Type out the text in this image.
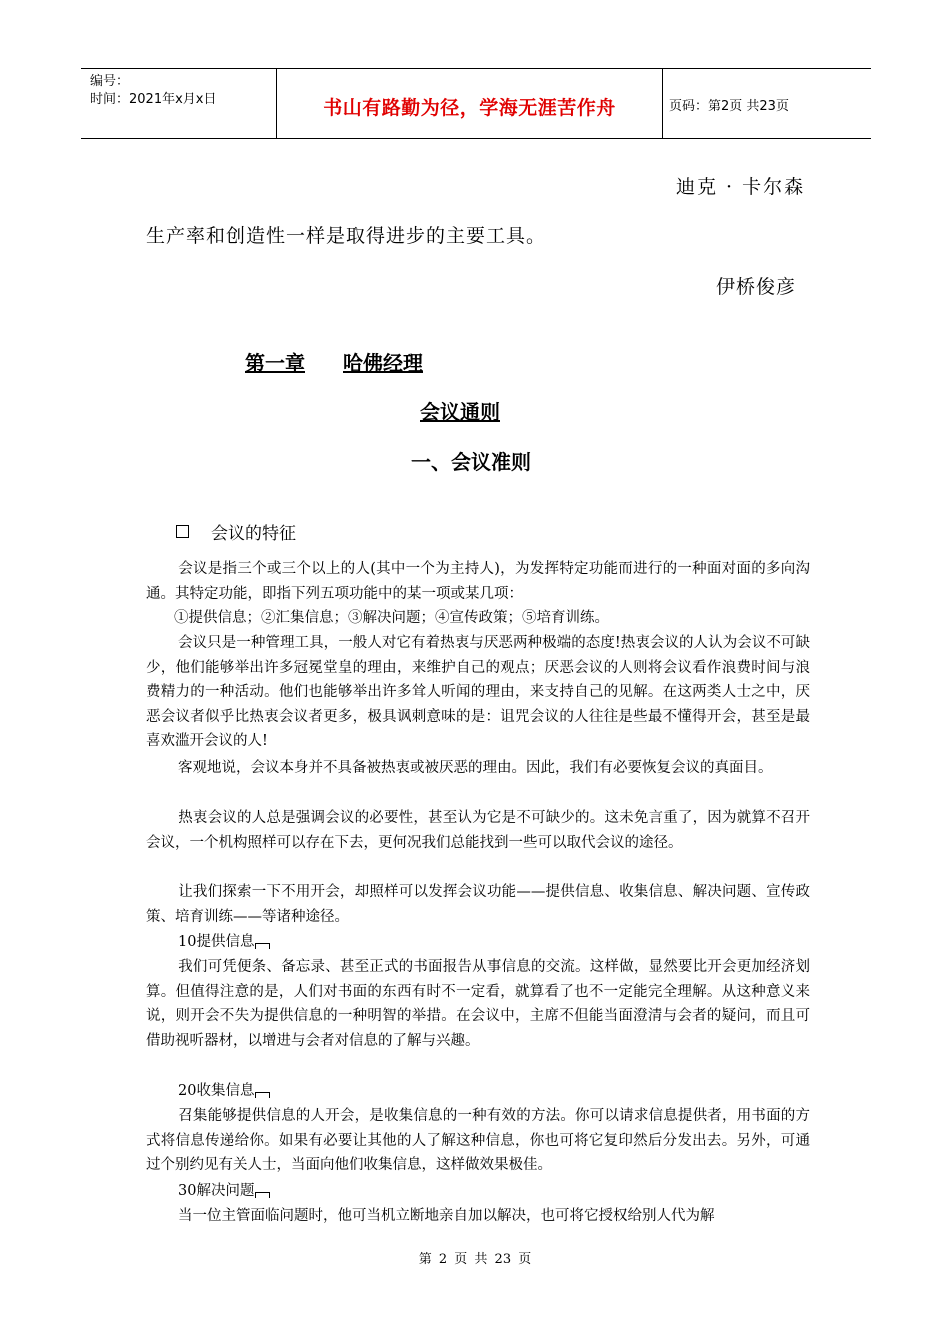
编号：
时间：2021年x月x日	书山有路勤为径，学海无涯苦作舟	页码：第2页 共23页
迪克 · 卡尔森
生产率和创造性一样是取得进步的主要工具。
伊桥俊彦
第一章 哈佛经理
会议通则
一、会议准则
会议的特征
会议是指三个或三个以上的人(其中一个为主持人)，为发挥特定功能而进行的一种面对面的多向沟通。其特定功能，即指下列五项功能中的某一项或某几项：
①提供信息；②汇集信息；③解决问题；④宣传政策；⑤培育训练。
会议只是一种管理工具，一般人对它有着热衷与厌恶两种极端的态度!热衷会议的人认为会议不可缺少，他们能够举出许多冠冕堂皇的理由，来维护自己的观点；厌恶会议的人则将会议看作浪费时间与浪费精力的一种活动。他们也能够举出许多耸人听闻的理由，来支持自己的见解。在这两类人士之中，厌恶会议者似乎比热衷会议者更多，极具讽刺意味的是：诅咒会议的人往往是些最不懂得开会，甚至是最喜欢滥开会议的人!
客观地说，会议本身并不具备被热衷或被厌恶的理由。因此，我们有必要恢复会议的真面目。
热衷会议的人总是强调会议的必要性，甚至认为它是不可缺少的。这未免言重了，因为就算不召开会议，一个机构照样可以存在下去，更何况我们总能找到一些可以取代会议的途径。
让我们探索一下不用开会，却照样可以发挥会议功能——提供信息、收集信息、解决问题、宣传政策、培育训练——等诸种途径。
10提供信息
我们可凭便条、备忘录、甚至正式的书面报告从事信息的交流。这样做，显然要比开会更加经济划算。但值得注意的是，人们对书面的东西有时不一定看，就算看了也不一定能完全理解。从这种意义来说，则开会不失为提供信息的一种明智的举措。在会议中，主席不但能当面澄清与会者的疑问，而且可借助视听器材，以增进与会者对信息的了解与兴趣。
20收集信息
召集能够提供信息的人开会，是收集信息的一种有效的方法。你可以请求信息提供者，用书面的方式将信息传递给你。如果有必要让其他的人了解这种信息，你也可将它复印然后分发出去。另外，可通过个别约见有关人士，当面向他们收集信息，这样做效果极佳。
30解决问题
当一位主管面临问题时，他可当机立断地亲自加以解决，也可将它授权给别人代为解
第 2 页 共 23 页
